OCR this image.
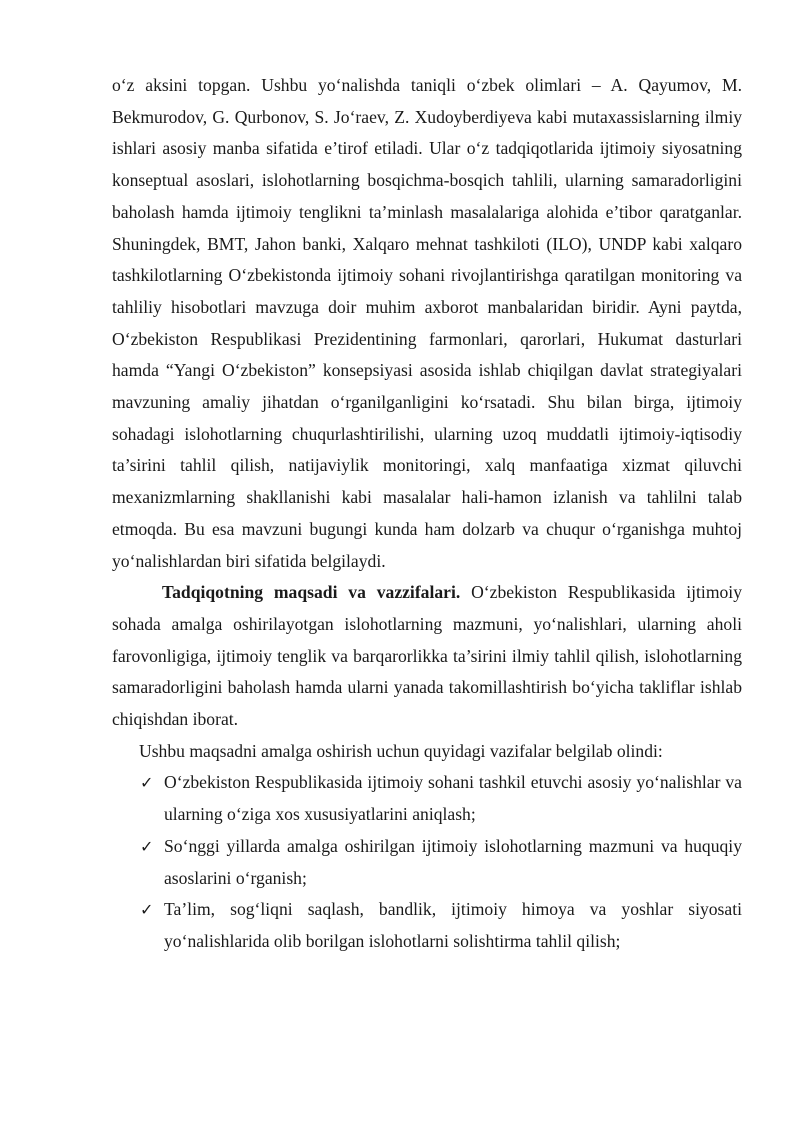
o‘z aksini topgan. Ushbu yo‘nalishda taniqli o‘zbek olimlari – A. Qayumov, M. Bekmurodov, G. Qurbonov, S. Jo‘raev, Z. Xudoyberdiyeva kabi mutaxassislarning ilmiy ishlari asosiy manba sifatida e’tirof etiladi. Ular o‘z tadqiqotlarida ijtimoiy siyosatning konseptual asoslari, islohotlarning bosqichma-bosqich tahlili, ularning samaradorligini baholash hamda ijtimoiy tenglikni ta’minlash masalalariga alohida e’tibor qaratganlar. Shuningdek, BMT, Jahon banki, Xalqaro mehnat tashkiloti (ILO), UNDP kabi xalqaro tashkilotlarning O‘zbekistonda ijtimoiy sohani rivojlantirishga qaratilgan monitoring va tahliliy hisobotlari mavzuga doir muhim axborot manbalaridan biridir. Ayni paytda, O‘zbekiston Respublikasi Prezidentining farmonlari, qarorlari, Hukumat dasturlari hamda “Yangi O‘zbekiston” konsepsiyasi asosida ishlab chiqilgan davlat strategiyalari mavzuning amaliy jihatdan o‘rganilganligini ko‘rsatadi. Shu bilan birga, ijtimoiy sohadagi islohotlarning chuqurlashtirilishi, ularning uzoq muddatli ijtimoiy-iqtisodiy ta’sirini tahlil qilish, natijaviylik monitoringi, xalq manfaatiga xizmat qiluvchi mexanizmlarning shakllanishi kabi masalalar hali-hamon izlanish va tahlilni talab etmoqda. Bu esa mavzuni bugungi kunda ham dolzarb va chuqur o‘rganishga muhtoj yo‘nalishlardan biri sifatida belgilaydi.

Tadqiqotning maqsadi va vazzifalari. O‘zbekiston Respublikasida ijtimoiy sohada amalga oshirilayotgan islohotlarning mazmuni, yo‘nalishlari, ularning aholi farovonligiga, ijtimoiy tenglik va barqarorlikka ta’sirini ilmiy tahlil qilish, islohotlarning samaradorligini baholash hamda ularni yanada takomillashtirish bo‘yicha takliflar ishlab chiqishdan iborat.

Ushbu maqsadni amalga oshirish uchun quyidagi vazifalar belgilab olindi:

✓ O‘zbekiston Respublikasida ijtimoiy sohani tashkil etuvchi asosiy yo‘nalishlar va ularning o‘ziga xos xususiyatlarini aniqlash;
✓ So‘nggi yillarda amalga oshirilgan ijtimoiy islohotlarning mazmuni va huquqiy asoslarini o‘rganish;
✓ Ta’lim, sog‘liqni saqlash, bandlik, ijtimoiy himoya va yoshlar siyosati yo‘nalishlarida olib borilgan islohotlarni solishtirma tahlil qilish;
